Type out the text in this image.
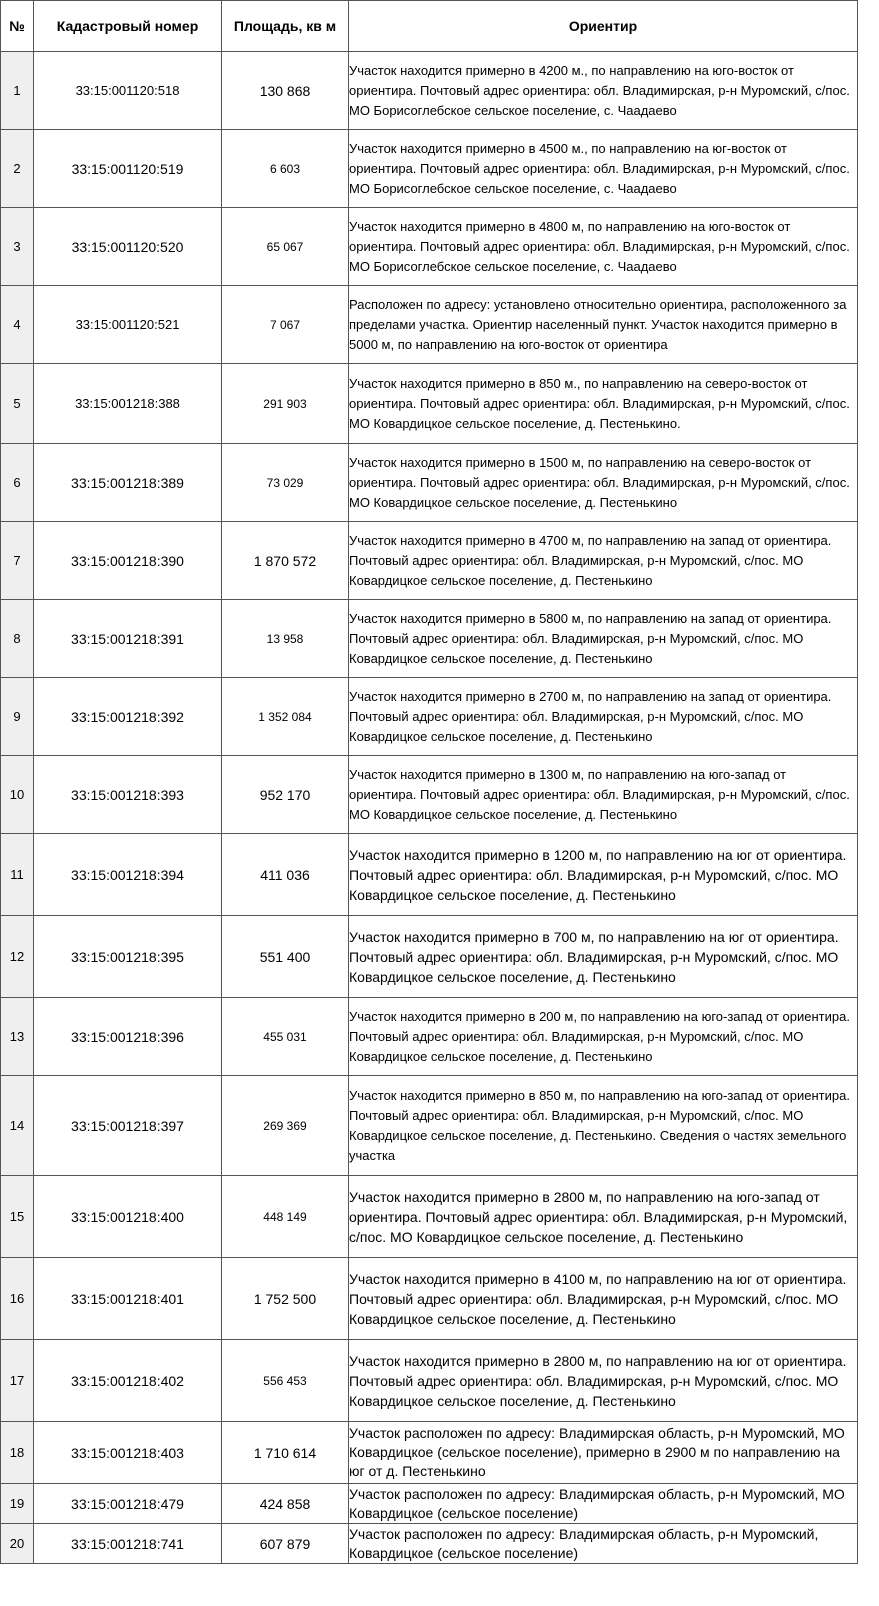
№	Кадастровый номер	Площадь, кв м	Ориентир
1	33:15:001120:518	130 868	Участок находится примерно в 4200 м., по направлению на юго-восток от ориентира. Почтовый адрес ориентира: обл. Владимирская, р-н Муромский, с/пос. МО Борисоглебское сельское поселение, с. Чаадаево
2	33:15:001120:519	6 603	Участок находится примерно в 4500 м., по направлению на юг-восток от ориентира. Почтовый адрес ориентира: обл. Владимирская, р-н Муромский, с/пос. МО Борисоглебское сельское поселение, с. Чаадаево
3	33:15:001120:520	65 067	Участок находится примерно в 4800 м, по направлению на юго-восток от ориентира. Почтовый адрес ориентира: обл. Владимирская, р-н Муромский, с/пос. МО Борисоглебское сельское поселение, с. Чаадаево
4	33:15:001120:521	7 067	Расположен по адресу: установлено относительно ориентира, расположенного за пределами участка. Ориентир населенный пункт. Участок находится примерно в 5000 м, по направлению на юго-восток от ориентира
5	33:15:001218:388	291 903	Участок находится примерно в 850 м., по направлению на северо-восток от ориентира. Почтовый адрес ориентира: обл. Владимирская, р-н Муромский, с/пос. МО Ковардицкое сельское поселение, д. Пестенькино.
6	33:15:001218:389	73 029	Участок находится примерно в 1500 м, по направлению на северо-восток от ориентира. Почтовый адрес ориентира: обл. Владимирская, р-н Муромский, с/пос. МО Ковардицкое сельское поселение, д. Пестенькино
7	33:15:001218:390	1 870 572	Участок находится примерно в 4700 м, по направлению на запад от ориентира. Почтовый адрес ориентира: обл. Владимирская, р-н Муромский, с/пос. МО Ковардицкое сельское поселение, д. Пестенькино
8	33:15:001218:391	13 958	Участок находится примерно в 5800 м, по направлению на запад от ориентира. Почтовый адрес ориентира: обл. Владимирская, р-н Муромский, с/пос. МО Ковардицкое сельское поселение, д. Пестенькино
9	33:15:001218:392	1 352 084	Участок находится примерно в 2700 м, по направлению на запад от ориентира. Почтовый адрес ориентира: обл. Владимирская, р-н Муромский, с/пос. МО Ковардицкое сельское поселение, д. Пестенькино
10	33:15:001218:393	952 170	Участок находится примерно в 1300 м, по направлению на юго-запад от ориентира. Почтовый адрес ориентира: обл. Владимирская, р-н Муромский, с/пос. МО Ковардицкое сельское поселение, д. Пестенькино
11	33:15:001218:394	411 036	Участок находится примерно в 1200 м, по направлению на юг от ориентира. Почтовый адрес ориентира: обл. Владимирская, р-н Муромский, с/пос. МО Ковардицкое сельское поселение, д. Пестенькино
12	33:15:001218:395	551 400	Участок находится примерно в 700 м, по направлению на юг от ориентира. Почтовый адрес ориентира: обл. Владимирская, р-н Муромский, с/пос. МО Ковардицкое сельское поселение, д. Пестенькино
13	33:15:001218:396	455 031	Участок находится примерно в 200 м, по направлению на юго-запад от ориентира. Почтовый адрес ориентира: обл. Владимирская, р-н Муромский, с/пос. МО Ковардицкое сельское поселение, д. Пестенькино
14	33:15:001218:397	269 369	Участок находится примерно в 850 м, по направлению на юго-запад от ориентира. Почтовый адрес ориентира: обл. Владимирская, р-н Муромский, с/пос. МО Ковардицкое сельское поселение, д. Пестенькино. Сведения о частях земельного участка
15	33:15:001218:400	448 149	Участок находится примерно в 2800 м, по направлению на юго-запад от ориентира. Почтовый адрес ориентира: обл. Владимирская, р-н Муромский, с/пос. МО Ковардицкое сельское поселение, д. Пестенькино
16	33:15:001218:401	1 752 500	Участок находится примерно в 4100 м, по направлению на юг от ориентира. Почтовый адрес ориентира: обл. Владимирская, р-н Муромский, с/пос. МО Ковардицкое сельское поселение, д. Пестенькино
17	33:15:001218:402	556 453	Участок находится примерно в 2800 м, по направлению на юг от ориентира. Почтовый адрес ориентира: обл. Владимирская, р-н Муромский, с/пос. МО Ковардицкое сельское поселение, д. Пестенькино
18	33:15:001218:403	1 710 614	Участок расположен по адресу: Владимирская область, р-н Муромский, МО Ковардицкое (сельское поселение), примерно в 2900 м по направлению на юг от д. Пестенькино
19	33:15:001218:479	424 858	Участок расположен по адресу: Владимирская область, р-н Муромский, МО Ковардицкое (сельское поселение)
20	33:15:001218:741	607 879	Участок расположен по адресу: Владимирская область, р-н Муромский, Ковардицкое (сельское поселение)
